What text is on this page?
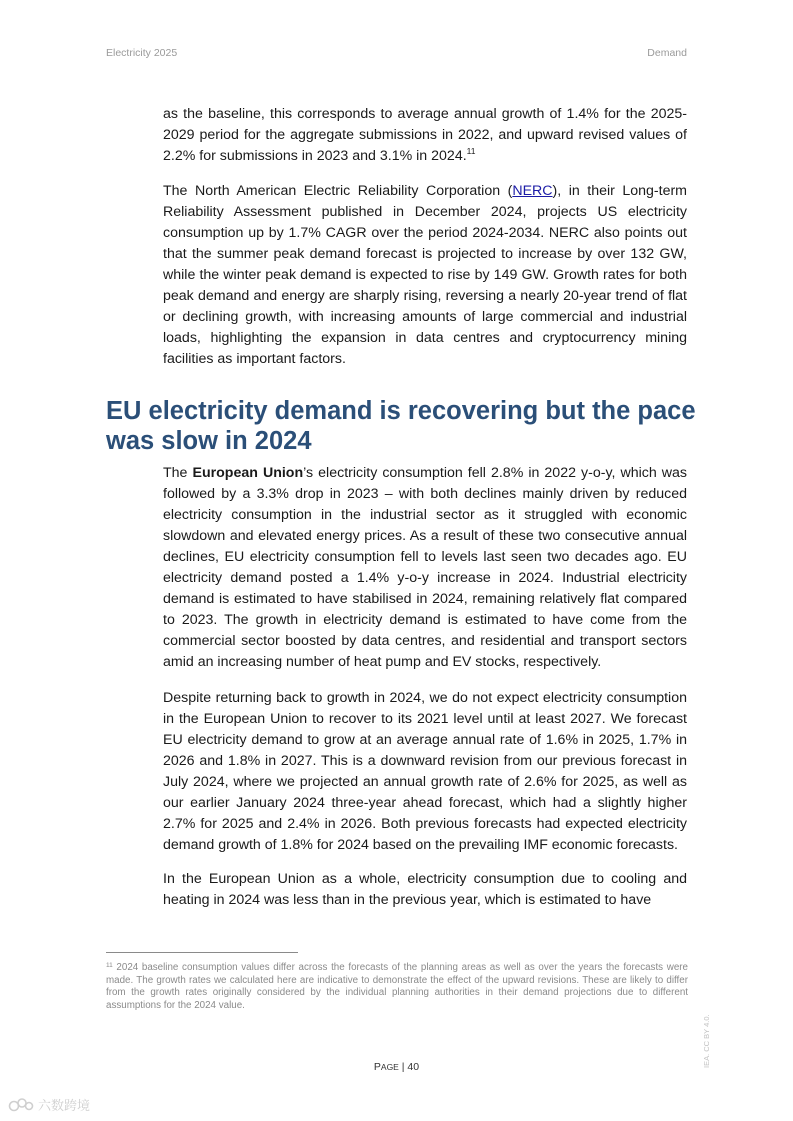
Electricity 2025	Demand

as the baseline, this corresponds to average annual growth of 1.4% for the 2025-2029 period for the aggregate submissions in 2022, and upward revised values of 2.2% for submissions in 2023 and 3.1% in 2024.11

The North American Electric Reliability Corporation (NERC), in their Long-term Reliability Assessment published in December 2024, projects US electricity consumption up by 1.7% CAGR over the period 2024-2034. NERC also points out that the summer peak demand forecast is projected to increase by over 132 GW, while the winter peak demand is expected to rise by 149 GW. Growth rates for both peak demand and energy are sharply rising, reversing a nearly 20-year trend of flat or declining growth, with increasing amounts of large commercial and industrial loads, highlighting the expansion in data centres and cryptocurrency mining facilities as important factors.

EU electricity demand is recovering but the pace was slow in 2024

The European Union’s electricity consumption fell 2.8% in 2022 y-o-y, which was followed by a 3.3% drop in 2023 – with both declines mainly driven by reduced electricity consumption in the industrial sector as it struggled with economic slowdown and elevated energy prices. As a result of these two consecutive annual declines, EU electricity consumption fell to levels last seen two decades ago. EU electricity demand posted a 1.4% y-o-y increase in 2024. Industrial electricity demand is estimated to have stabilised in 2024, remaining relatively flat compared to 2023. The growth in electricity demand is estimated to have come from the commercial sector boosted by data centres, and residential and transport sectors amid an increasing number of heat pump and EV stocks, respectively.

Despite returning back to growth in 2024, we do not expect electricity consumption in the European Union to recover to its 2021 level until at least 2027. We forecast EU electricity demand to grow at an average annual rate of 1.6% in 2025, 1.7% in 2026 and 1.8% in 2027. This is a downward revision from our previous forecast in July 2024, where we projected an annual growth rate of 2.6% for 2025, as well as our earlier January 2024 three-year ahead forecast, which had a slightly higher 2.7% for 2025 and 2.4% in 2026. Both previous forecasts had expected electricity demand growth of 1.8% for 2024 based on the prevailing IMF economic forecasts.

In the European Union as a whole, electricity consumption due to cooling and heating in 2024 was less than in the previous year, which is estimated to have

$^{11}$ 2024 baseline consumption values differ across the forecasts of the planning areas as well as over the years the forecasts were made. The growth rates we calculated here are indicative to demonstrate the effect of the upward revisions. These are likely to differ from the growth rates originally considered by the individual planning authorities in their demand projections due to different assumptions for the 2024 value.

PAGE | 40	IEA. CC BY 4.0.
六数跨境
